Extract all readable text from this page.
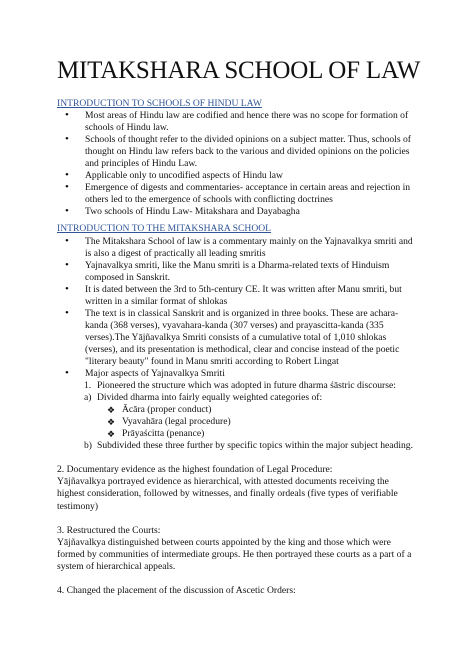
MITAKSHARA SCHOOL OF LAW
INTRODUCTION TO SCHOOLS OF HINDU LAW
• Most areas of Hindu law are codified and hence there was no scope for formation of schools of Hindu law.
• Schools of thought refer to the divided opinions on a subject matter. Thus, schools of thought on Hindu law refers back to the various and divided opinions on the policies and principles of Hindu Law.
• Applicable only to uncodified aspects of Hindu law
• Emergence of digests and commentaries- acceptance in certain areas and rejection in others led to the emergence of schools with conflicting doctrines
• Two schools of Hindu Law- Mitakshara and Dayabagha
INTRODUCTION TO THE MITAKSHARA SCHOOL
• The Mitakshara School of law is a commentary mainly on the Yajnavalkya smriti and is also a digest of practically all leading smritis
• Yajnavalkya smriti, like the Manu smriti is a Dharma-related texts of Hinduism composed in Sanskrit.
• It is dated between the 3rd to 5th-century CE. It was written after Manu smriti, but written in a similar format of shlokas
• The text is in classical Sanskrit and is organized in three books. These are achara-kanda (368 verses), vyavahara-kanda (307 verses) and prayascitta-kanda (335 verses).The Yājñavalkya Smriti consists of a cumulative total of 1,010 shlokas (verses), and its presentation is methodical, clear and concise instead of the poetic "literary beauty" found in Manu smriti according to Robert Lingat
• Major aspects of Yajnavalkya Smriti
1. Pioneered the structure which was adopted in future dharma śāstric discourse:
a) Divided dharma into fairly equally weighted categories of:
❖ Ācāra (proper conduct)
❖ Vyavahāra (legal procedure)
❖ Prāyaścitta (penance)
b) Subdivided these three further by specific topics within the major subject heading.
2. Documentary evidence as the highest foundation of Legal Procedure:
Yājñavalkya portrayed evidence as hierarchical, with attested documents receiving the highest consideration, followed by witnesses, and finally ordeals (five types of verifiable testimony)
3. Restructured the Courts:
Yājñavalkya distinguished between courts appointed by the king and those which were formed by communities of intermediate groups. He then portrayed these courts as a part of a system of hierarchical appeals.
4. Changed the placement of the discussion of Ascetic Orders:
